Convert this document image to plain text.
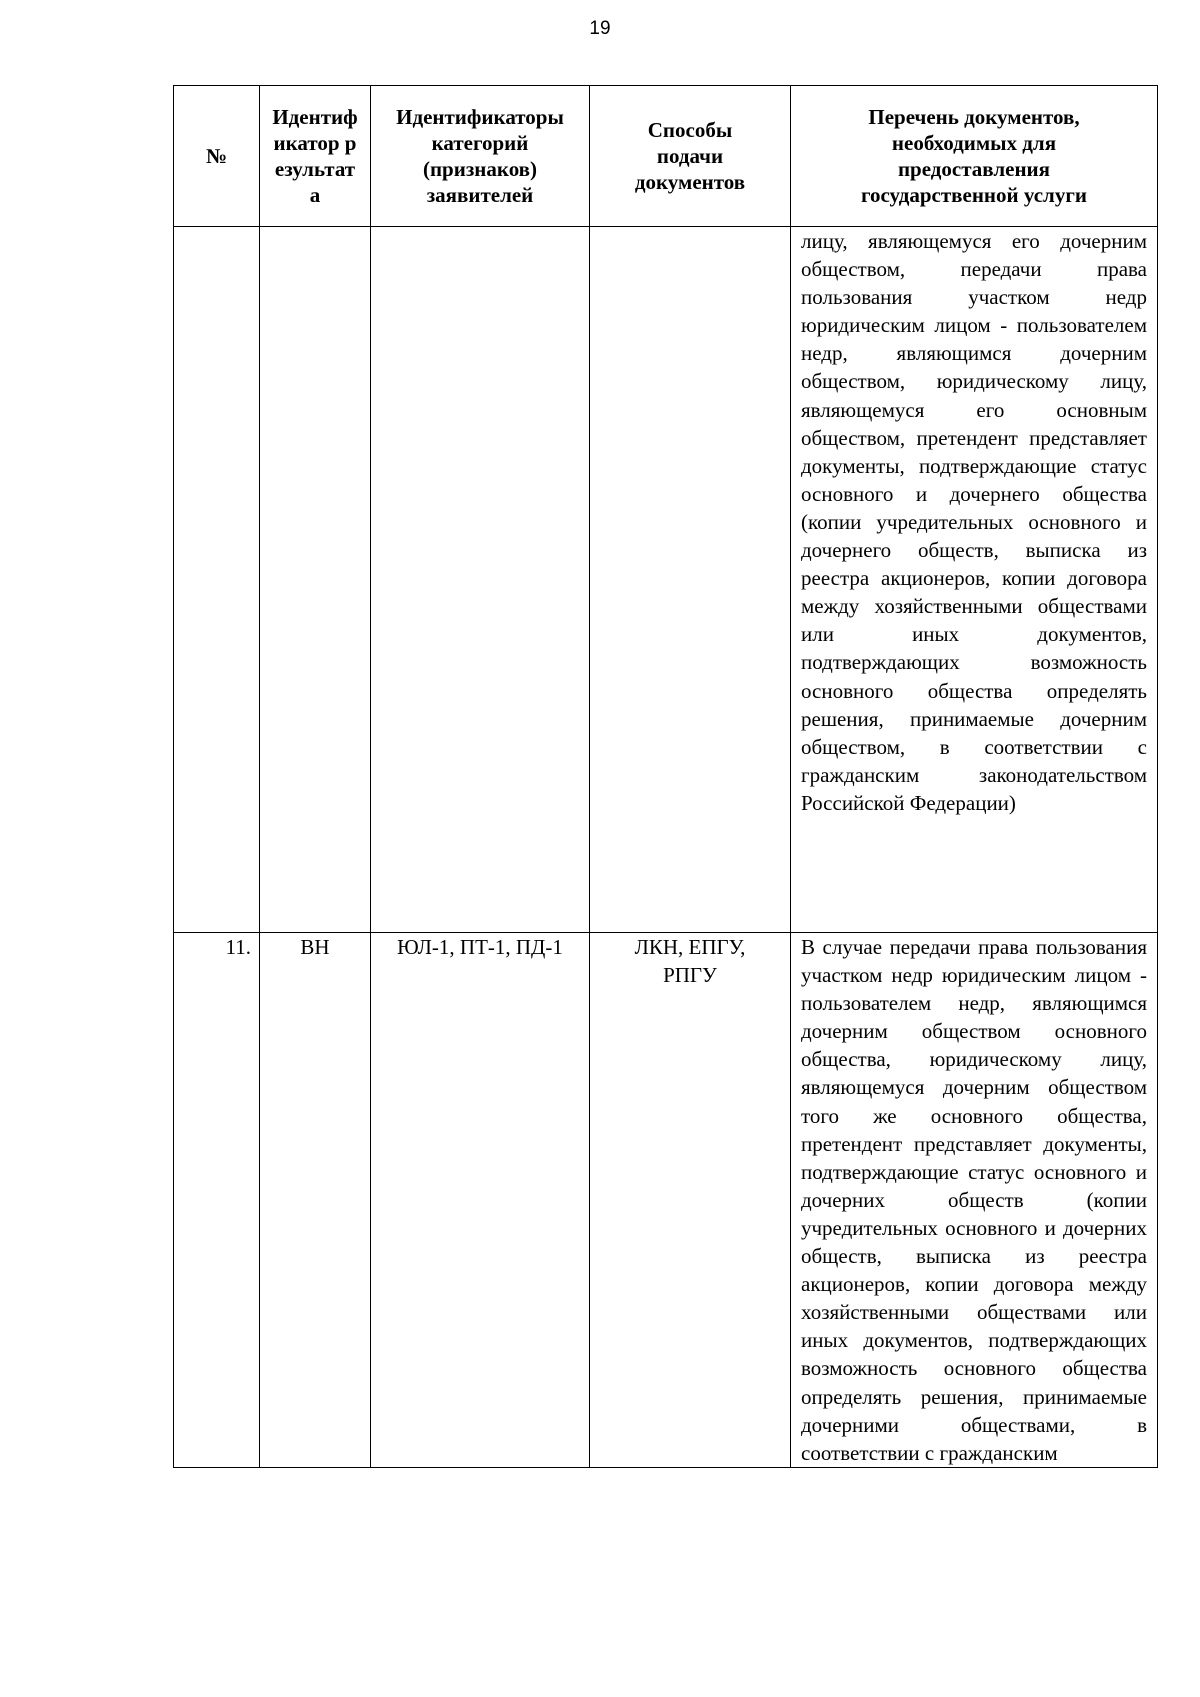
19
№	Идентификатор результата	Идентификаторы категорий (признаков) заявителей	Способы подачи документов	Перечень документов, необходимых для предоставления государственной услуги

				лицу, являющемуся его дочерним обществом, передачи права пользования участком недр юридическим лицом - пользователем недр, являющимся дочерним обществом, юридическому лицу, являющемуся его основным обществом, претендент представляет документы, подтверждающие статус основного и дочернего общества (копии учредительных основного и дочернего обществ, выписка из реестра акционеров, копии договора между хозяйственными обществами или иных документов, подтверждающих возможность основного общества определять решения, принимаемые дочерним обществом, в соответствии с гражданским законодательством Российской Федерации)

11.	ВН	ЮЛ-1, ПТ-1, ПД-1	ЛКН, ЕПГУ, РПГУ	В случае передачи права пользования участком недр юридическим лицом - пользователем недр, являющимся дочерним обществом основного общества, юридическому лицу, являющемуся дочерним обществом того же основного общества, претендент представляет документы, подтверждающие статус основного и дочерних обществ (копии учредительных основного и дочерних обществ, выписка из реестра акционеров, копии договора между хозяйственными обществами или иных документов, подтверждающих возможность основного общества определять решения, принимаемые дочерними обществами, в соответствии с гражданским
